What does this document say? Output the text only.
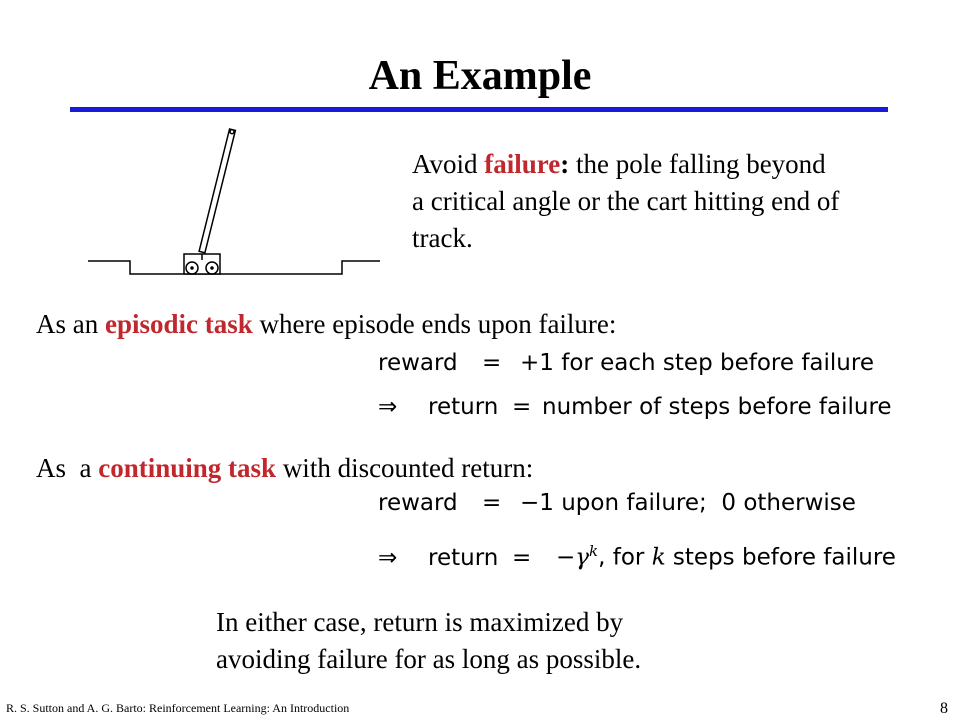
An Example
Avoid failure: the pole falling beyond
a critical angle or the cart hitting end of
track.
As an episodic task where episode ends upon failure:
reward = +1 for each step before failure
⇒ return = number of steps before failure
As  a continuing task with discounted return:
reward = −1 upon failure;  0 otherwise
⇒ return = $-\gamma^k$, for k steps before failure
In either case, return is maximized by
avoiding failure for as long as possible.
R. S. Sutton and A. G. Barto: Reinforcement Learning: An Introduction	8
